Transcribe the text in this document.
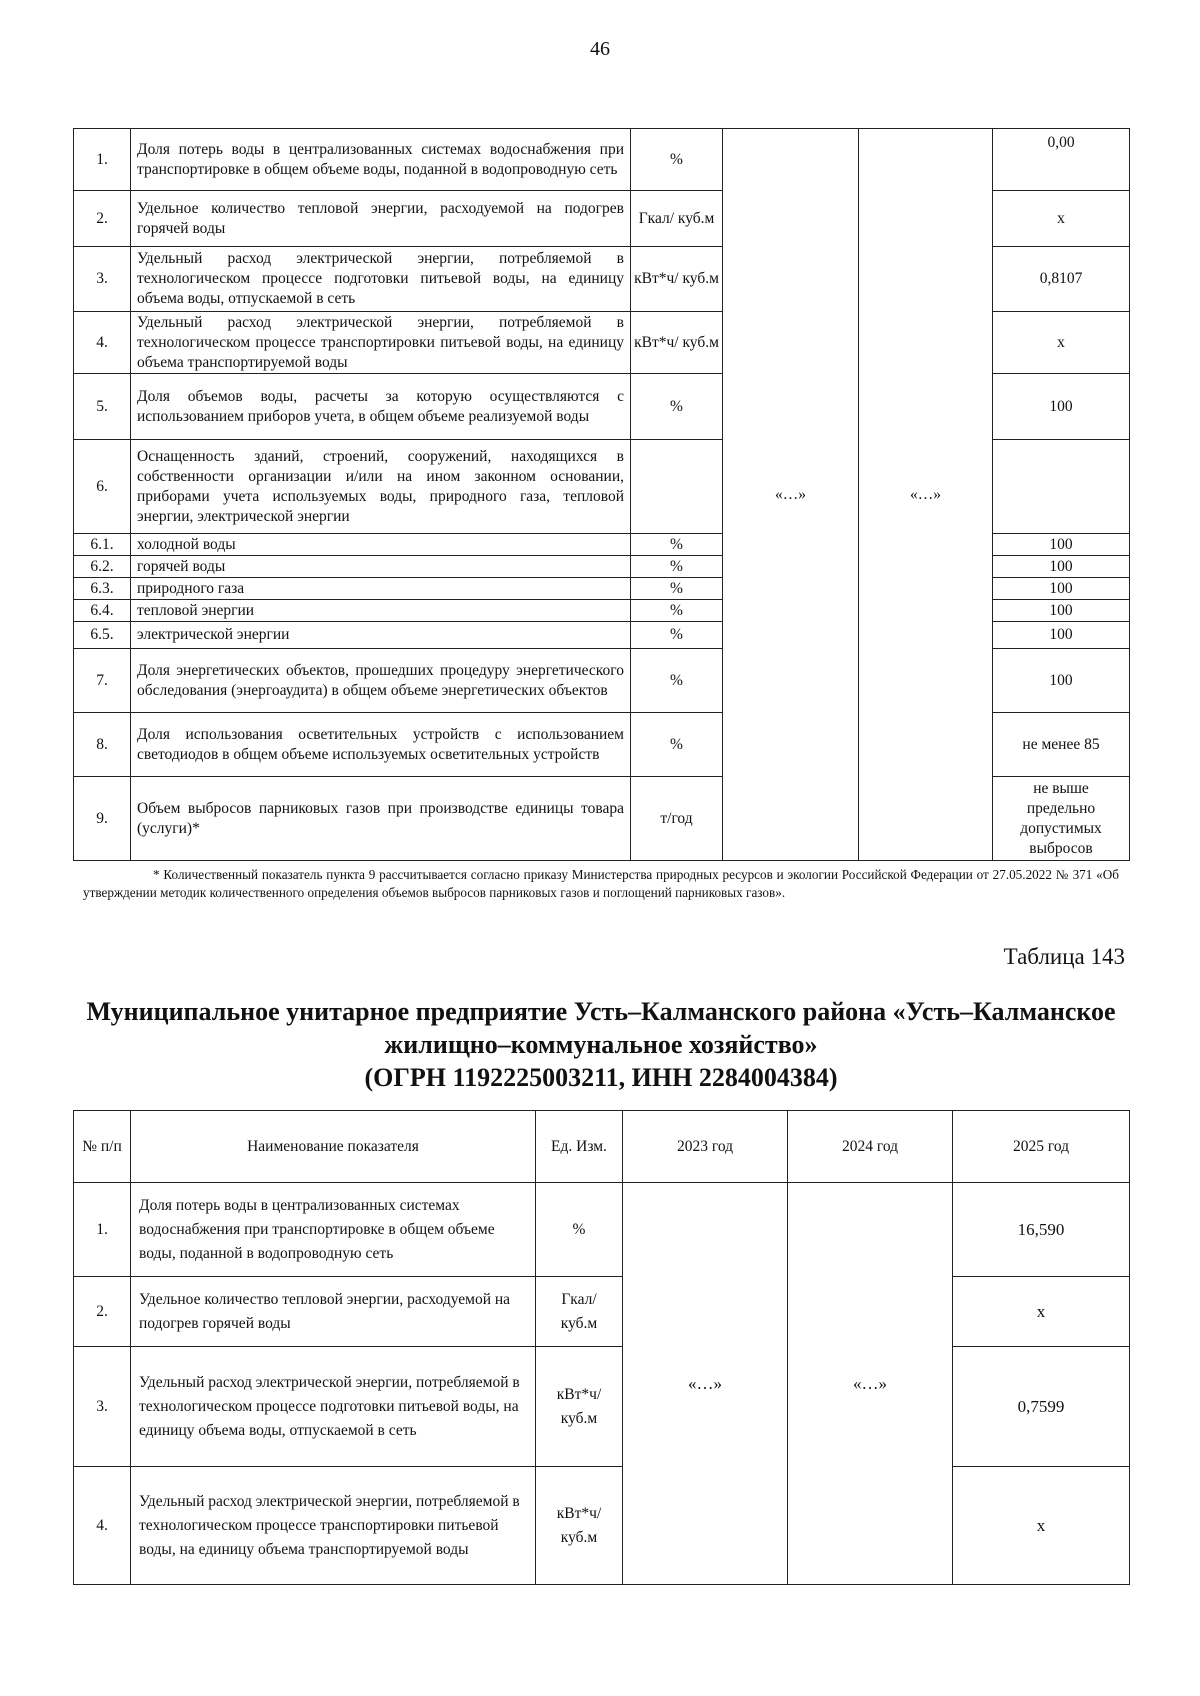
46
1.	Доля потерь воды в централизованных системах водоснабжения при транспортировке в общем объеме воды, поданной в водопроводную сеть	%	«…»	«…»	0,00
2.	Удельное количество тепловой энергии, расходуемой на подогрев горячей воды	Гкал/ куб.м			x
3.	Удельный расход электрической энергии, потребляемой в технологическом процессе подготовки питьевой воды, на единицу объема воды, отпускаемой в сеть	кВт*ч/ куб.м			0,8107
4.	Удельный расход электрической энергии, потребляемой в технологическом процессе транспортировки питьевой воды, на единицу объема транспортируемой воды	кВт*ч/ куб.м			x
5.	Доля объемов воды, расчеты за которую осуществляются с использованием приборов учета, в общем объеме реализуемой воды	%			100
6.	Оснащенность зданий, строений, сооружений, находящихся в собственности организации и/или на ином законном основании, приборами учета используемых воды, природного газа, тепловой энергии, электрической энергии				
6.1.	холодной воды	%			100
6.2.	горячей воды	%			100
6.3.	природного газа	%			100
6.4.	тепловой энергии	%			100
6.5.	электрической энергии	%			100
7.	Доля энергетических объектов, прошедших процедуру энергетического обследования (энергоаудита) в общем объеме энергетических объектов	%			100
8.	Доля использования осветительных устройств с использованием светодиодов в общем объеме используемых осветительных устройств	%			не менее 85
9.	Объем выбросов парниковых газов при производстве единицы товара (услуги)*	т/год			не выше предельно допустимых выбросов
* Количественный показатель пункта 9 рассчитывается согласно приказу Министерства природных ресурсов и экологии Российской Федерации от 27.05.2022 № 371 «Об утверждении методик количественного определения объемов выбросов парниковых газов и поглощений парниковых газов».
Таблица 143
Муниципальное унитарное предприятие Усть–Калманского района «Усть–Калманское
жилищно–коммунальное хозяйство»
(ОГРН 1192225003211, ИНН 2284004384)
№ п/п	Наименование показателя	Ед. Изм.	2023 год	2024 год	2025 год
1.	Доля потерь воды в централизованных системах водоснабжения при транспортировке в общем объеме воды, поданной в водопроводную сеть	%	«…»	«…»	16,590
2.	Удельное количество тепловой энергии, расходуемой на подогрев горячей воды	Гкал/ куб.м			x
3.	Удельный расход электрической энергии, потребляемой в технологическом процессе подготовки питьевой воды, на единицу объема воды, отпускаемой в сеть	кВт*ч/ куб.м			0,7599
4.	Удельный расход электрической энергии, потребляемой в технологическом процессе транспортировки питьевой воды, на единицу объема транспортируемой воды	кВт*ч/ куб.м			x
